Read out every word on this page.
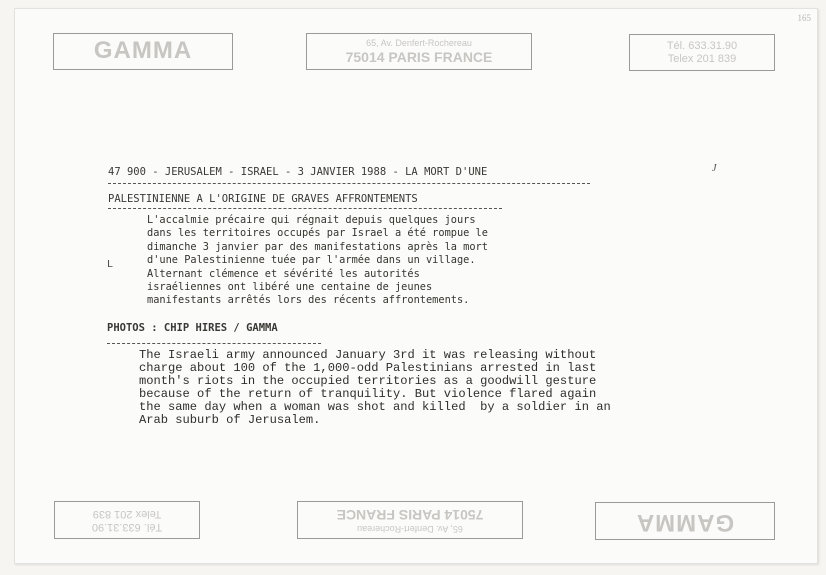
165
GAMMA	65, Av. Denfert-Rochereau
75014 PARIS FRANCE
Tél. 633.31.90
Telex 201 839
47 900 - JERUSALEM - ISRAEL - 3 JANVIER 1988 - LA MORT D'UNE
PALESTINIENNE A L'ORIGINE DE GRAVES AFFRONTEMENTS
J
L
L'accalmie précaire qui régnait depuis quelques jours
dans les territoires occupés par Israel a été rompue le
dimanche 3 janvier par des manifestations après la mort
d'une Palestinienne tuée par l'armée dans un village.
Alternant clémence et sévérité les autorités
israéliennes ont libéré une centaine de jeunes
manifestants arrêtés lors des récents affrontements.
PHOTOS : CHIP HIRES / GAMMA
The Israeli army announced January 3rd it was releasing without
charge about 100 of the 1,000-odd Palestinians arrested in last
month's riots in the occupied territories as a goodwill gesture
because of the return of tranquility. But violence flared again
the same day when a woman was shot and killed  by a soldier in an
Arab suburb of Jerusalem.
Tél. 633.31.90
Telex 201 839
65, Av. Denfert-Rochereau
75014 PARIS FRANCE	GAMMA
